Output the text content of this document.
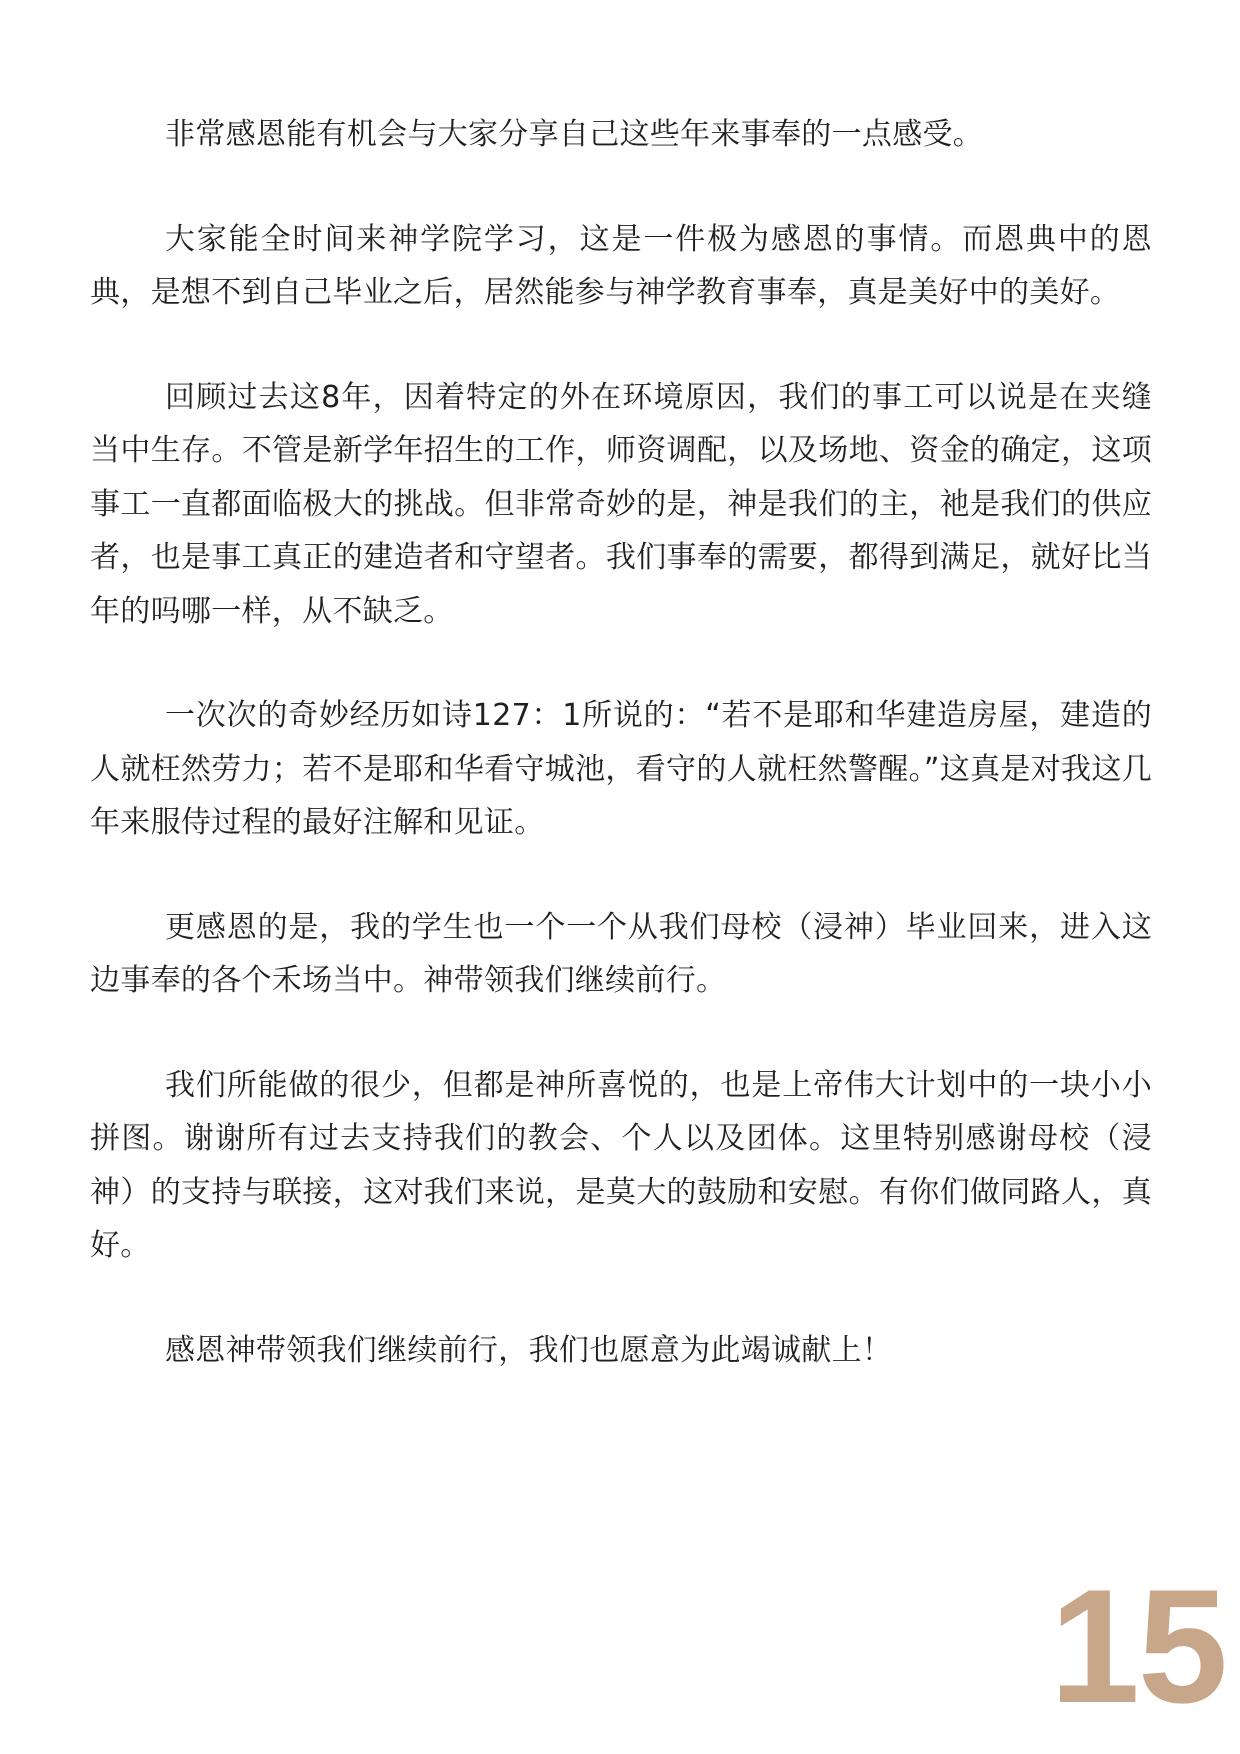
非常感恩能有机会与大家分享自己这些年来事奉的一点感受。

大家能全时间来神学院学习，这是一件极为感恩的事情。而恩典中的恩典，是想不到自己毕业之后，居然能参与神学教育事奉，真是美好中的美好。

回顾过去这8年，因着特定的外在环境原因，我们的事工可以说是在夹缝当中生存。不管是新学年招生的工作，师资调配，以及场地、资金的确定，这项事工一直都面临极大的挑战。但非常奇妙的是，神是我们的主，祂是我们的供应者，也是事工真正的建造者和守望者。我们事奉的需要，都得到满足，就好比当年的吗哪一样，从不缺乏。

一次次的奇妙经历如诗127：1所说的：“若不是耶和华建造房屋，建造的人就枉然劳力；若不是耶和华看守城池，看守的人就枉然警醒。”这真是对我这几年来服侍过程的最好注解和见证。

更感恩的是，我的学生也一个一个从我们母校（浸神）毕业回来，进入这边事奉的各个禾场当中。神带领我们继续前行。

我们所能做的很少，但都是神所喜悦的，也是上帝伟大计划中的一块小小拼图。谢谢所有过去支持我们的教会、个人以及团体。这里特别感谢母校（浸神）的支持与联接，这对我们来说，是莫大的鼓励和安慰。有你们做同路人，真好。

感恩神带领我们继续前行，我们也愿意为此竭诚献上！

15
